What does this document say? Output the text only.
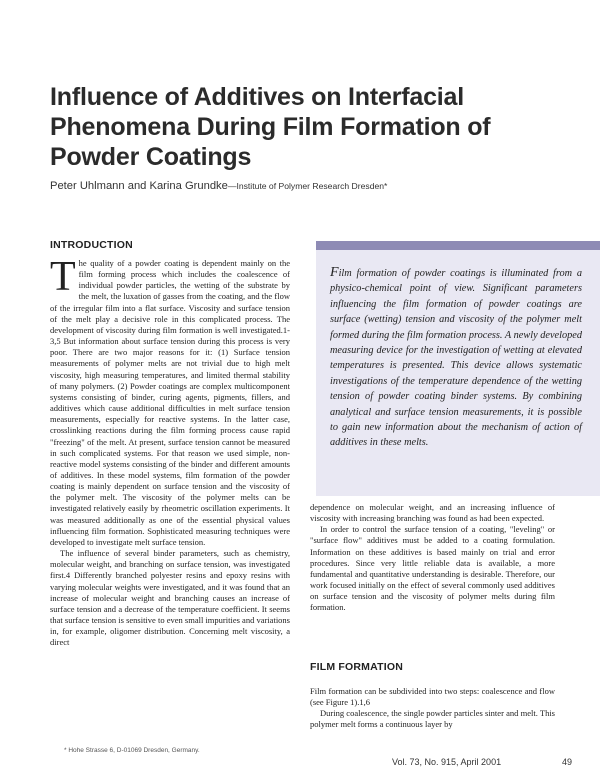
Influence of Additives on Interfacial Phenomena During Film Formation of Powder Coatings
Peter Uhlmann and Karina Grundke—Institute of Polymer Research Dresden*
INTRODUCTION
T he quality of a powder coating is dependent mainly on the film forming process which includes the coalescence of individual powder particles, the wetting of the substrate by the melt, the luxation of gasses from the coating, and the flow of the irregular film into a flat surface. Viscosity and surface tension of the melt play a decisive role in this complicated process. The development of viscosity during film formation is well investigated.1-3,5 But information about surface tension during this process is very poor. There are two major reasons for it: (1) Surface tension measurements of polymer melts are not trivial due to high melt viscosity, high measuring temperatures, and limited thermal stability of many polymers. (2) Powder coatings are complex multicomponent systems consisting of binder, curing agents, pigments, fillers, and additives which cause additional difficulties in melt surface tension measurements, especially for reactive systems. In the latter case, crosslinking reactions during the film forming process cause rapid "freezing" of the melt. At present, surface tension cannot be measured in such complicated systems. For that reason we used simple, non-reactive model systems consisting of the binder and different amounts of additives. In these model systems, film formation of the powder coating is mainly dependent on surface tension and the viscosity of the polymer melt. The viscosity of the polymer melts can be investigated relatively easily by rheometric oscillation experiments. It was measured additionally as one of the essential physical values influencing film formation. Sophisticated measuring techniques were developed to investigate melt surface tension.

The influence of several binder parameters, such as chemistry, molecular weight, and branching on surface tension, was investigated first.4 Differently branched polyester resins and epoxy resins with varying molecular weights were investigated, and it was found that an increase of molecular weight and branching causes an increase of surface tension and a decrease of the temperature coefficient. It seems that surface tension is sensitive to even small impurities and variations in, for example, oligomer distribution. Concerning melt viscosity, a direct

Film formation of powder coatings is illuminated from a physico-chemical point of view. Significant parameters influencing the film formation of powder coatings are surface (wetting) tension and viscosity of the polymer melt formed during the film formation process. A newly developed measuring device for the investigation of wetting at elevated temperatures is presented. This device allows systematic investigations of the temperature dependence of the wetting tension of powder coating binder systems. By combining analytical and surface tension measurements, it is possible to gain new information about the mechanism of action of additives in these melts.

dependence on molecular weight, and an increasing influence of viscosity with increasing branching was found as had been expected.

In order to control the surface tension of a coating, "leveling" or "surface flow" additives must be added to a coating formulation. Information on these additives is based mainly on trial and error procedures. Since very little reliable data is available, a more fundamental and quantitative understanding is desirable. Therefore, our work focused initially on the effect of several commonly used additives on surface tension and the viscosity of polymer melts during film formation.

FILM FORMATION

Film formation can be subdivided into two steps: coalescence and flow (see Figure 1).1,6

During coalescence, the single powder particles sinter and melt. This polymer melt forms a continuous layer by

* Hohe Strasse 6, D-01069 Dresden, Germany.
Vol. 73, No. 915, April 2001	49
